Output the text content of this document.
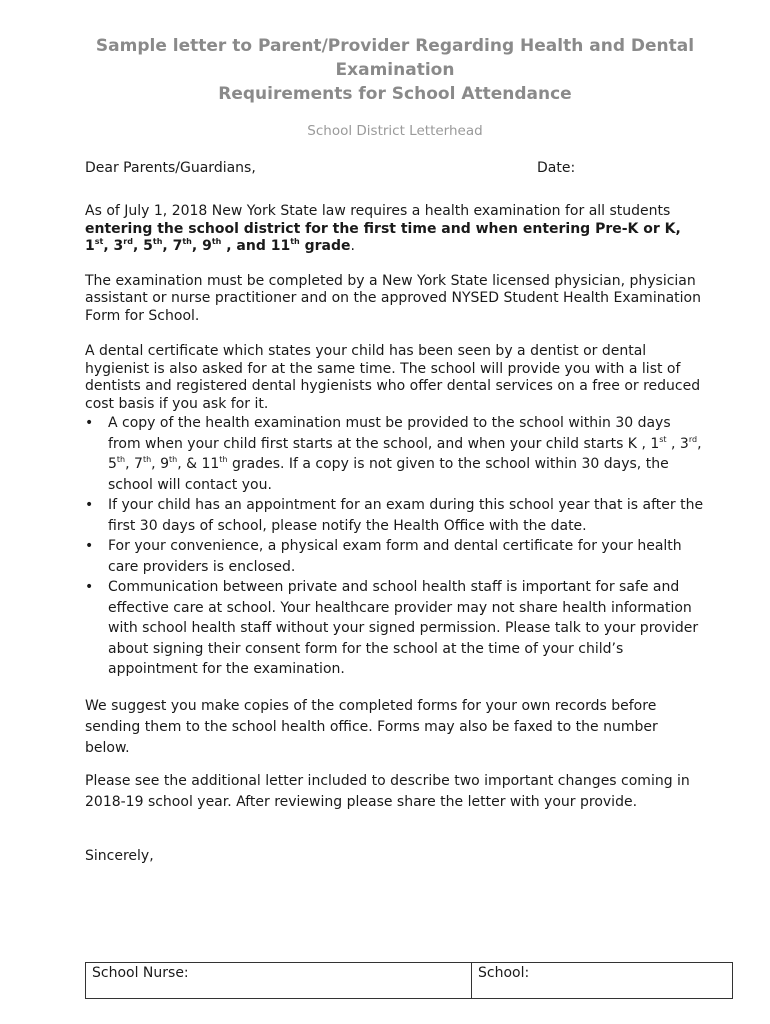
Sample letter to Parent/Provider Regarding Health and Dental Examination
Requirements for School Attendance
School District Letterhead
Dear Parents/Guardians,	Date:

As of July 1, 2018 New York State law requires a health examination for all students entering the school district for the first time and when entering Pre-K or K, 1st, 3rd, 5th, 7th, 9th , and 11th grade.

The examination must be completed by a New York State licensed physician, physician assistant or nurse practitioner and on the approved NYSED Student Health Examination Form for School.

A dental certificate which states your child has been seen by a dentist or dental hygienist is also asked for at the same time. The school will provide you with a list of dentists and registered dental hygienists who offer dental services on a free or reduced cost basis if you ask for it.

• A copy of the health examination must be provided to the school within 30 days from when your child first starts at the school, and when your child starts K , 1st , 3rd, 5th, 7th, 9th, & 11th grades. If a copy is not given to the school within 30 days, the school will contact you.
• If your child has an appointment for an exam during this school year that is after the first 30 days of school, please notify the Health Office with the date.
• For your convenience, a physical exam form and dental certificate for your health care providers is enclosed.
• Communication between private and school health staff is important for safe and effective care at school. Your healthcare provider may not share health information with school health staff without your signed permission. Please talk to your provider about signing their consent form for the school at the time of your child’s appointment for the examination.

We suggest you make copies of the completed forms for your own records before sending them to the school health office. Forms may also be faxed to the number below.

Please see the additional letter included to describe two important changes coming in 2018-19 school year. After reviewing please share the letter with your provide.

Sincerely,
School Nurse:	School:
